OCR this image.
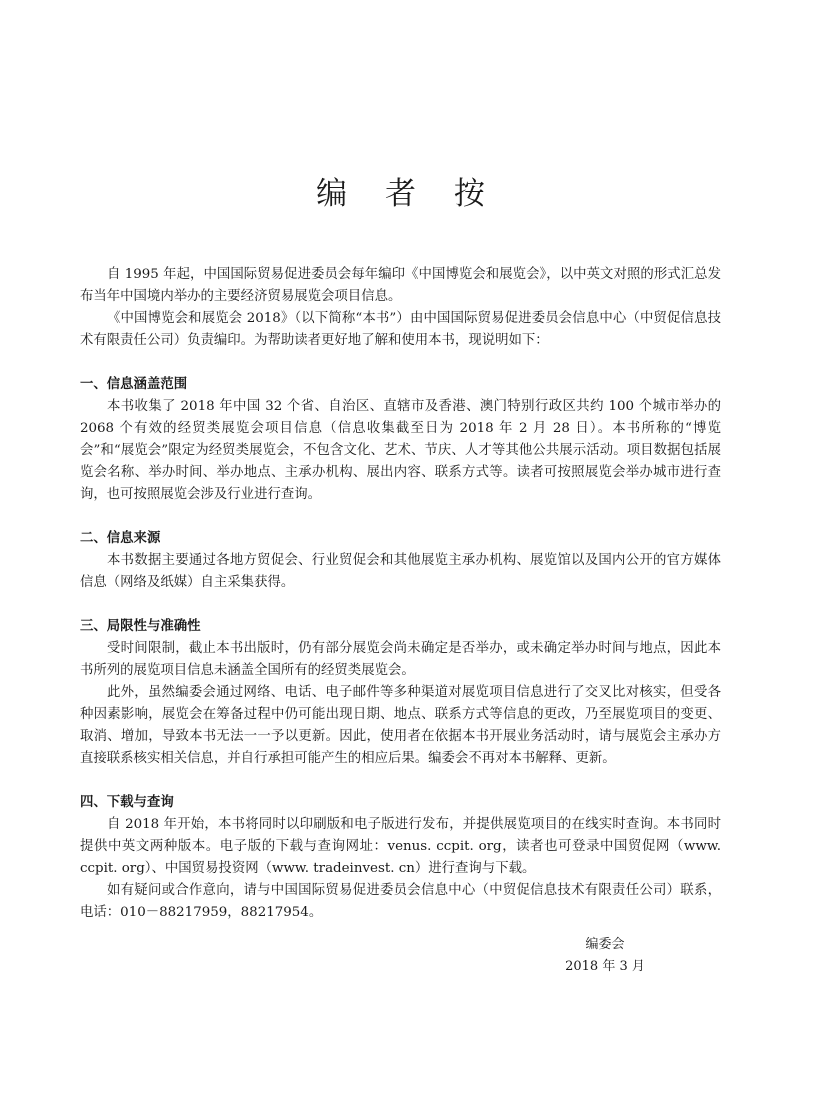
编 者 按

自 1995 年起，中国国际贸易促进委员会每年编印《中国博览会和展览会》，以中英文对照的形式汇总发布当年中国境内举办的主要经济贸易展览会项目信息。

《中国博览会和展览会 2018》（以下简称“本书”）由中国国际贸易促进委员会信息中心（中贸促信息技术有限责任公司）负责编印。为帮助读者更好地了解和使用本书，现说明如下：

一、信息涵盖范围

本书收集了 2018 年中国 32 个省、自治区、直辖市及香港、澳门特别行政区共约 100 个城市举办的 2068 个有效的经贸类展览会项目信息（信息收集截至日为 2018 年 2 月 28 日）。本书所称的“博览会”和“展览会”限定为经贸类展览会，不包含文化、艺术、节庆、人才等其他公共展示活动。项目数据包括展览会名称、举办时间、举办地点、主承办机构、展出内容、联系方式等。读者可按照展览会举办城市进行查询，也可按照展览会涉及行业进行查询。

二、信息来源

本书数据主要通过各地方贸促会、行业贸促会和其他展览主承办机构、展览馆以及国内公开的官方媒体信息（网络及纸媒）自主采集获得。

三、局限性与准确性

受时间限制，截止本书出版时，仍有部分展览会尚未确定是否举办，或未确定举办时间与地点，因此本书所列的展览项目信息未涵盖全国所有的经贸类展览会。

此外，虽然编委会通过网络、电话、电子邮件等多种渠道对展览项目信息进行了交叉比对核实，但受各种因素影响，展览会在筹备过程中仍可能出现日期、地点、联系方式等信息的更改，乃至展览项目的变更、取消、增加，导致本书无法一一予以更新。因此，使用者在依据本书开展业务活动时，请与展览会主承办方直接联系核实相关信息，并自行承担可能产生的相应后果。编委会不再对本书解释、更新。

四、下载与查询

自 2018 年开始，本书将同时以印刷版和电子版进行发布，并提供展览项目的在线实时查询。本书同时提供中英文两种版本。电子版的下载与查询网址：venus. ccpit. org，读者也可登录中国贸促网（www. ccpit. org）、中国贸易投资网（www. tradeinvest. cn）进行查询与下载。

如有疑问或合作意向，请与中国国际贸易促进委员会信息中心（中贸促信息技术有限责任公司）联系，电话：010－88217959，88217954。

编委会
2018 年 3 月
